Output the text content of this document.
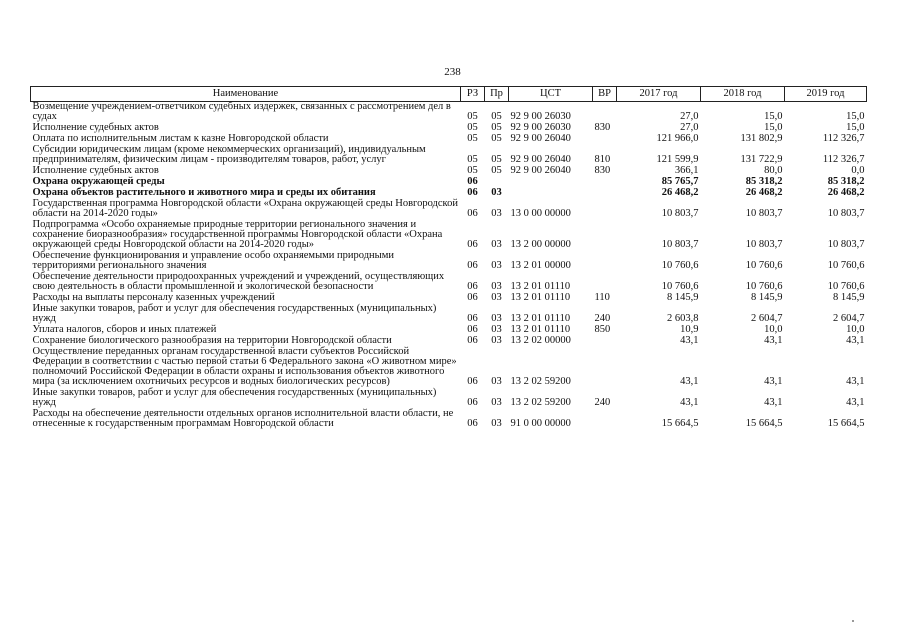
238
Наименование	РЗ	Пр	ЦСТ	ВР	2017 год	2018 год	2019 год
Возмещение учреждением-ответчиком судебных издержек, связанных с рассмотрением дел в судах	05	05	92 9 00 26030		27,0	15,0	15,0
Исполнение судебных актов	05	05	92 9 00 26030	830	27,0	15,0	15,0
Оплата по исполнительным листам к казне Новгородской области	05	05	92 9 00 26040		121 966,0	131 802,9	112 326,7
Субсидии юридическим лицам (кроме некоммерческих организаций), индивидуальным предпринимателям, физическим лицам - производителям товаров, работ, услуг	05	05	92 9 00 26040	810	121 599,9	131 722,9	112 326,7
Исполнение судебных актов	05	05	92 9 00 26040	830	366,1	80,0	0,0
Охрана окружающей среды	06				85 765,7	85 318,2	85 318,2
Охрана объектов растительного и животного мира и среды их обитания	06	03			26 468,2	26 468,2	26 468,2
Государственная программа Новгородской области «Охрана окружающей среды Новгородской области на 2014-2020 годы»	06	03	13 0 00 00000		10 803,7	10 803,7	10 803,7
Подпрограмма «Особо охраняемые природные территории регионального значения и сохранение биоразнообразия» государственной программы Новгородской области «Охрана окружающей среды Новгородской области на 2014-2020 годы»	06	03	13 2 00 00000		10 803,7	10 803,7	10 803,7
Обеспечение функционирования и управление особо охраняемыми природными территориями регионального значения	06	03	13 2 01 00000		10 760,6	10 760,6	10 760,6
Обеспечение деятельности природоохранных учреждений и учреждений, осуществляющих свою деятельность в области промышленной и экологической безопасности	06	03	13 2 01 01110		10 760,6	10 760,6	10 760,6
Расходы на выплаты персоналу казенных учреждений	06	03	13 2 01 01110	110	8 145,9	8 145,9	8 145,9
Иные закупки товаров, работ и услуг для обеспечения государственных (муниципальных) нужд	06	03	13 2 01 01110	240	2 603,8	2 604,7	2 604,7
Уплата налогов, сборов и иных платежей	06	03	13 2 01 01110	850	10,9	10,0	10,0
Сохранение биологического разнообразия на территории Новгородской области	06	03	13 2 02 00000		43,1	43,1	43,1
Осуществление переданных органам государственной власти субъектов Российской Федерации в соответствии с частью первой статьи 6 Федерального закона «О животном мире» полномочий Российской Федерации в области охраны и использования объектов животного мира (за исключением охотничьих ресурсов и водных биологических ресурсов)	06	03	13 2 02 59200		43,1	43,1	43,1
Иные закупки товаров, работ и услуг для обеспечения государственных (муниципальных) нужд	06	03	13 2 02 59200	240	43,1	43,1	43,1
Расходы на обеспечение деятельности отдельных органов исполнительной власти области, не отнесенные к государственным программам Новгородской области	06	03	91 0 00 00000		15 664,5	15 664,5	15 664,5
